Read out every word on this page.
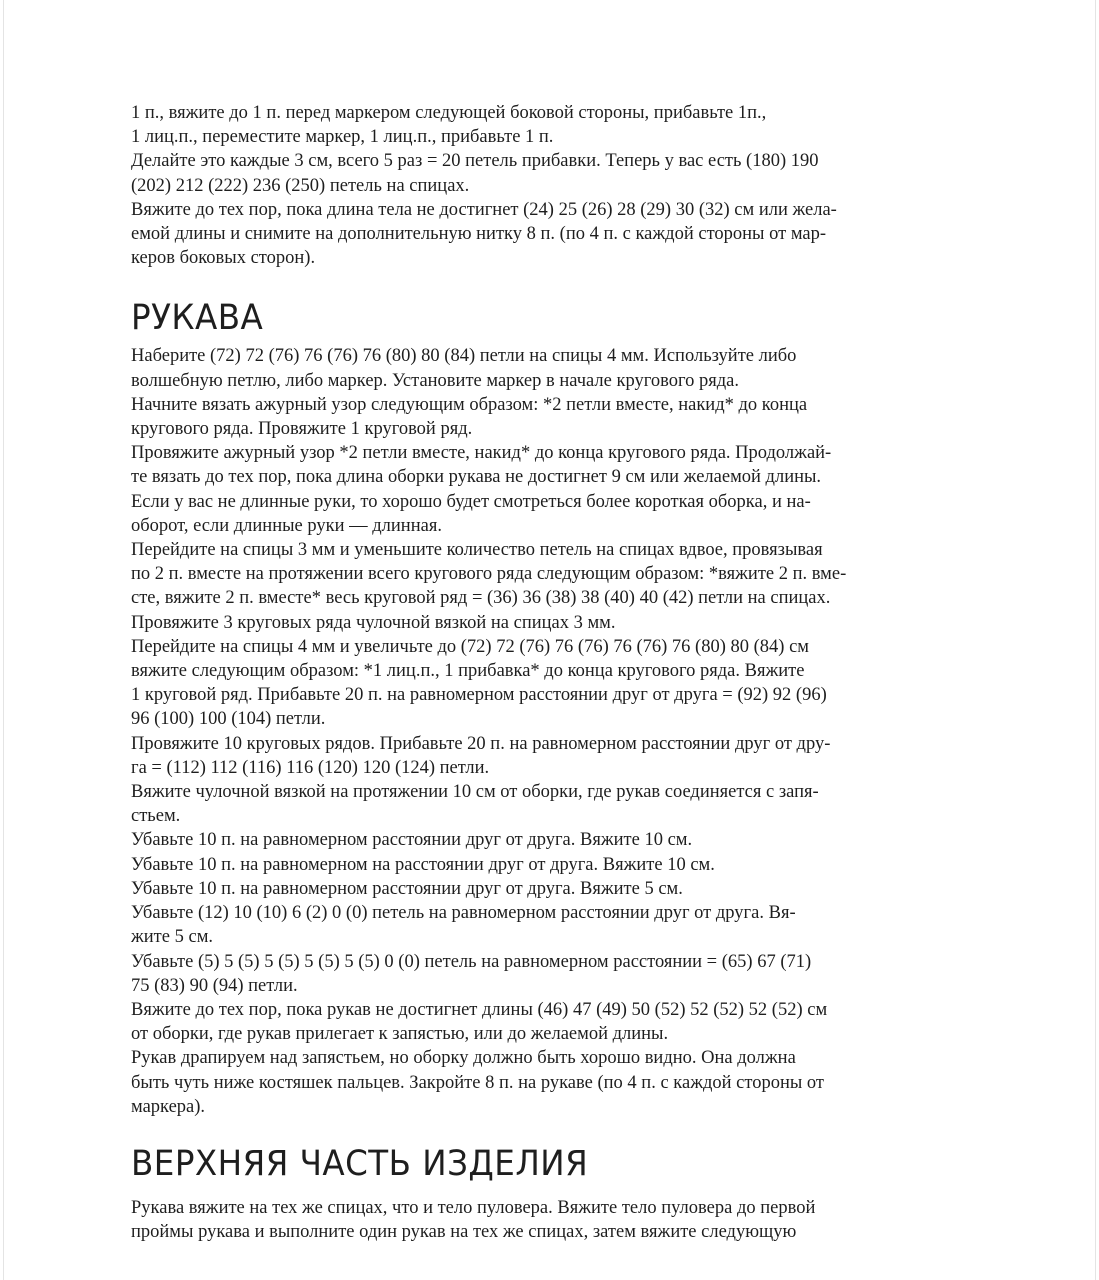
1 п., вяжите до 1 п. перед маркером следующей боковой стороны, прибавьте 1п.,
1 лиц.п., переместите маркер, 1 лиц.п., прибавьте 1 п.

Делайте это каждые 3 см, всего 5 раз = 20 петель прибавки. Теперь у вас есть (180) 190
(202) 212 (222) 236 (250) петель на спицах.

Вяжите до тех пор, пока длина тела не достигнет (24) 25 (26) 28 (29) 30 (32) см или жела-
емой длины и снимите на дополнительную нитку 8 п. (по 4 п. с каждой стороны от мар-
керов боковых сторон).

РУКАВА

Наберите (72) 72 (76) 76 (76) 76 (80) 80 (84) петли на спицы 4 мм. Используйте либо
волшебную петлю, либо маркер. Установите маркер в начале кругового ряда.

Начните вязать ажурный узор следующим образом: *2 петли вместе, накид* до конца
кругового ряда. Провяжите 1 круговой ряд.

Провяжите ажурный узор *2 петли вместе, накид* до конца кругового ряда. Продолжай-
те вязать до тех пор, пока длина оборки рукава не достигнет 9 см или желаемой длины.

Если у вас не длинные руки, то хорошо будет смотреться более короткая оборка, и на-
оборот, если длинные руки — длинная.

Перейдите на спицы 3 мм и уменьшите количество петель на спицах вдвое, провязывая
по 2 п. вместе на протяжении всего кругового ряда следующим образом: *вяжите 2 п. вме-
сте, вяжите 2 п. вместе* весь круговой ряд = (36) 36 (38) 38 (40) 40 (42) петли на спицах.

Провяжите 3 круговых ряда чулочной вязкой на спицах 3 мм.

Перейдите на спицы 4 мм и увеличьте до (72) 72 (76) 76 (76) 76 (76) 76 (80) 80 (84) см
вяжите следующим образом: *1 лиц.п., 1 прибавка* до конца кругового ряда. Вяжите
1 круговой ряд. Прибавьте 20 п. на равномерном расстоянии друг от друга = (92) 92 (96)
96 (100) 100 (104) петли.

Провяжите 10 круговых рядов. Прибавьте 20 п. на равномерном расстоянии друг от дру-
га = (112) 112 (116) 116 (120) 120 (124) петли.

Вяжите чулочной вязкой на протяжении 10 см от оборки, где рукав соединяется с запя-
стьем.

Убавьте 10 п. на равномерном расстоянии друг от друга. Вяжите 10 см.

Убавьте 10 п. на равномерном на расстоянии друг от друга. Вяжите 10 см.

Убавьте 10 п. на равномерном расстоянии друг от друга. Вяжите 5 см.

Убавьте (12) 10 (10) 6 (2) 0 (0) петель на равномерном расстоянии друг от друга. Вя-
жите 5 см.

Убавьте (5) 5 (5) 5 (5) 5 (5) 5 (5) 0 (0) петель на равномерном расстоянии = (65) 67 (71)
75 (83) 90 (94) петли.

Вяжите до тех пор, пока рукав не достигнет длины (46) 47 (49) 50 (52) 52 (52) 52 (52) см
от оборки, где рукав прилегает к запястью, или до желаемой длины.

Рукав драпируем над запястьем, но оборку должно быть хорошо видно. Она должна
быть чуть ниже костяшек пальцев. Закройте 8 п. на рукаве (по 4 п. с каждой стороны от
маркера).

ВЕРХНЯЯ ЧАСТЬ ИЗДЕЛИЯ

Рукава вяжите на тех же спицах, что и тело пуловера. Вяжите тело пуловера до первой
проймы рукава и выполните один рукав на тех же спицах, затем вяжите следующую
